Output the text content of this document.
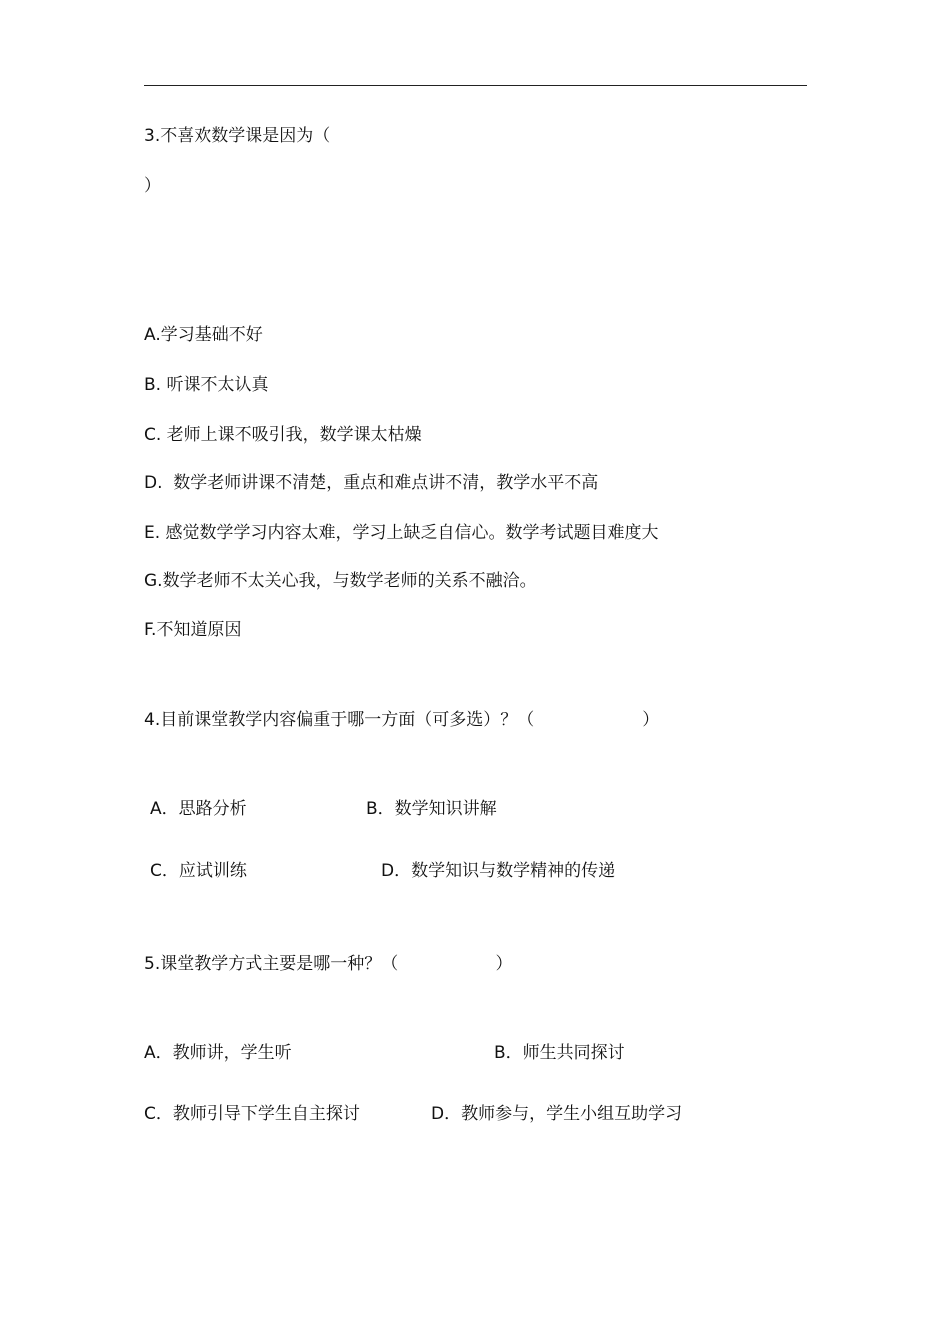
3.不喜欢数学课是因为（
）
A.学习基础不好
B. 听课不太认真
C. 老师上课不吸引我，数学课太枯燥
D.  数学老师讲课不清楚，重点和难点讲不清，教学水平不高
E. 感觉数学学习内容太难，学习上缺乏自信心。数学考试题目难度大
G.数学老师不太关心我，与数学老师的关系不融洽。
F.不知道原因
4.目前课堂教学内容偏重于哪一方面（可多选）？（                    ）
A．思路分析	B．数学知识讲解
C．应试训练	D．数学知识与数学精神的传递
5.课堂教学方式主要是哪一种？（                  ）
A．教师讲，学生听	B．师生共同探讨
C．教师引导下学生自主探讨	D．教师参与，学生小组互助学习
